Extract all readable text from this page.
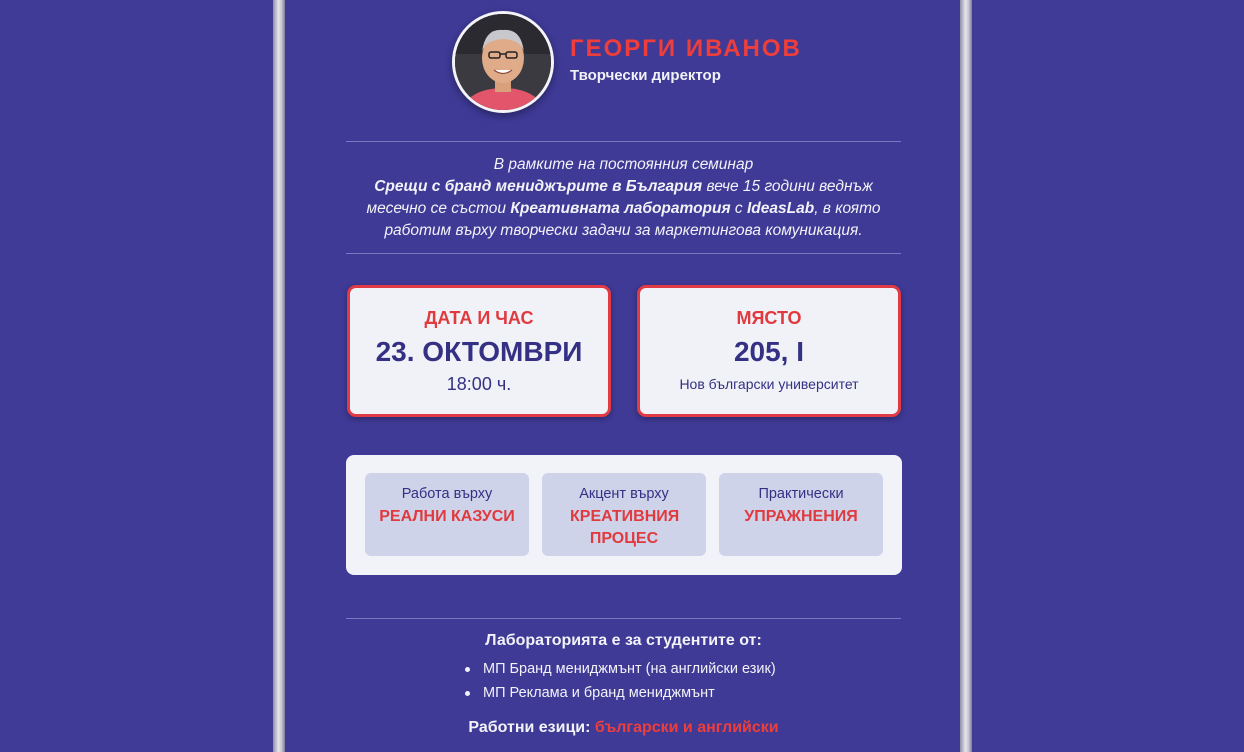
ГЕОРГИ ИВАНОВ
Творчески директор
В рамките на постоянния семинар
Срещи с бранд мениджърите в България вече 15 години веднъж
месечно се състои Креативната лаборатория с IdeasLab, в която
работим върху творчески задачи за маркетингова комуникация.
ДАТА И ЧАС
23. ОКТОМВРИ
18:00 ч.
МЯСТО
205, I
Нов български университет
Работа върху
РЕАЛНИ КАЗУСИ
Акцент върху
КРЕАТИВНИЯ ПРОЦЕС
Практически
УПРАЖНЕНИЯ
Лабораторията е за студентите от:
МП Бранд мениджмънт (на английски език)
МП Реклама и бранд мениджмънт
Работни езици: български и английски
